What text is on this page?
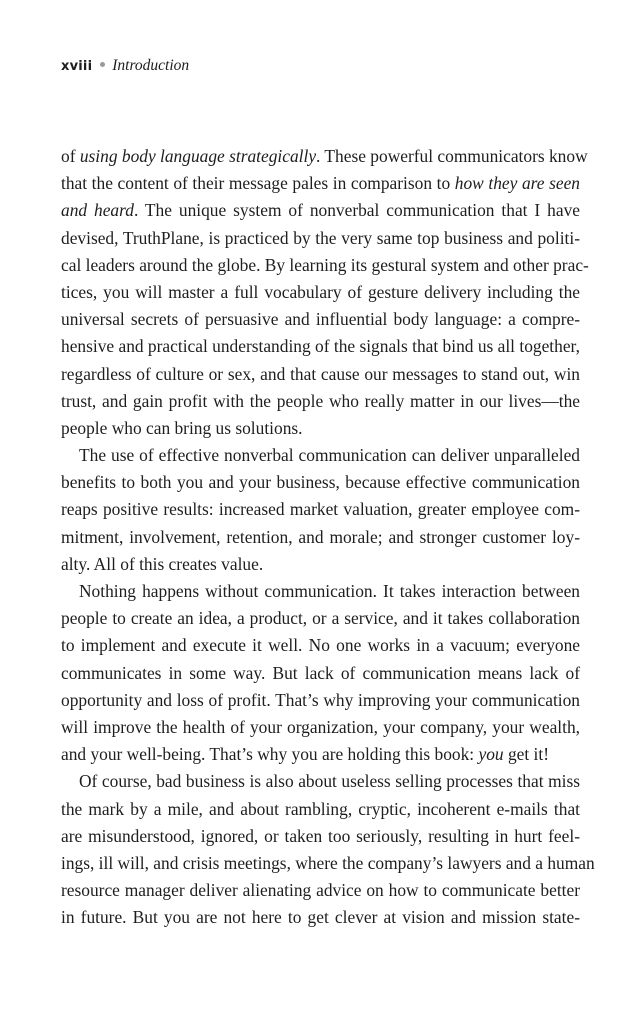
xviii Introduction
of using body language strategically. These powerful communicators know
that the content of their message pales in comparison to how they are seen
and heard. The unique system of nonverbal communication that I have
devised, TruthPlane, is practiced by the very same top business and politi-
cal leaders around the globe. By learning its gestural system and other prac-
tices, you will master a full vocabulary of gesture delivery including the
universal secrets of persuasive and influential body language: a compre-
hensive and practical understanding of the signals that bind us all together,
regardless of culture or sex, and that cause our messages to stand out, win
trust, and gain profit with the people who really matter in our lives—the
people who can bring us solutions.
The use of effective nonverbal communication can deliver unparalleled
benefits to both you and your business, because effective communication
reaps positive results: increased market valuation, greater employee com-
mitment, involvement, retention, and morale; and stronger customer loy-
alty. All of this creates value.
Nothing happens without communication. It takes interaction between
people to create an idea, a product, or a service, and it takes collaboration
to implement and execute it well. No one works in a vacuum; everyone
communicates in some way. But lack of communication means lack of
opportunity and loss of profit. That’s why improving your communication
will improve the health of your organization, your company, your wealth,
and your well-being. That’s why you are holding this book: you get it!
Of course, bad business is also about useless selling processes that miss
the mark by a mile, and about rambling, cryptic, incoherent e-mails that
are misunderstood, ignored, or taken too seriously, resulting in hurt feel-
ings, ill will, and crisis meetings, where the company’s lawyers and a human
resource manager deliver alienating advice on how to communicate better
in future. But you are not here to get clever at vision and mission state-
